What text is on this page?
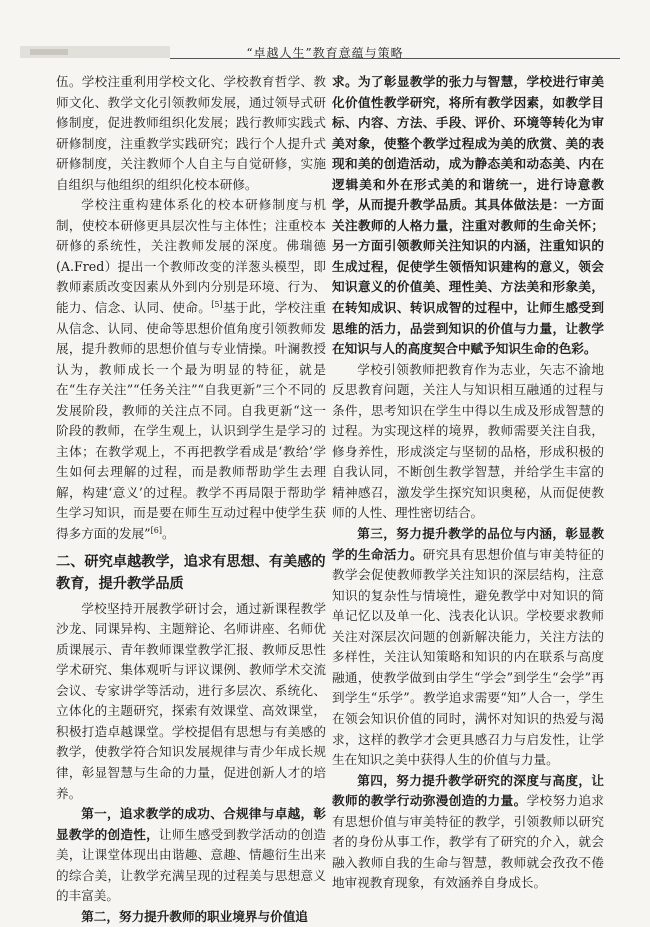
“卓越人生”教育意蕴与策略

伍。学校注重利用学校文化、学校教育哲学、教师文化、教学文化引领教师发展，通过领导式研修制度，促进教师组织化发展；践行教师实践式研修制度，注重教学实践研究；践行个人提升式研修制度，关注教师个人自主与自觉研修，实施自组织与他组织的组织化校本研修。

学校注重构建体系化的校本研修制度与机制，使校本研修更具层次性与主体性；注重校本研修的系统性，关注教师发展的深度。佛瑞德(A.Fred）提出一个教师改变的洋葱头模型，即教师素质改变因素从外到内分别是环境、行为、能力、信念、认同、使命。[5]基于此，学校注重从信念、认同、使命等思想价值角度引领教师发展，提升教师的思想价值与专业情操。叶澜教授认为，教师成长一个最为明显的特征，就是在“生存关注”“任务关注”“自我更新”三个不同的发展阶段，教师的关注点不同。自我更新“这一阶段的教师，在学生观上，认识到学生是学习的主体；在教学观上，不再把教学看成是‘教给’学生如何去理解的过程，而是教师帮助学生去理解，构建‘意义’的过程。教学不再局限于帮助学生学习知识，而是要在师生互动过程中使学生获得多方面的发展”[6]。

二、研究卓越教学，追求有思想、有美感的教育，提升教学品质

学校坚持开展教学研讨会，通过新课程教学沙龙、同课异构、主题辩论、名师讲座、名师优质课展示、青年教师课堂教学汇报、教师反思性学术研究、集体观听与评议课例、教师学术交流会议、专家讲学等活动，进行多层次、系统化、立体化的主题研究，探索有效课堂、高效课堂，积极打造卓越课堂。学校提倡有思想与有美感的教学，使教学符合知识发展规律与青少年成长规律，彰显智慧与生命的力量，促进创新人才的培养。

第一，追求教学的成功、合规律与卓越，彰显教学的创造性，让师生感受到教学活动的创造美，让课堂体现出由谐趣、意趣、情趣衍生出来的综合美，让教学充满呈现的过程美与思想意义的丰富美。

第二，努力提升教师的职业境界与价值追

求。为了彰显教学的张力与智慧，学校进行审美化价值性教学研究，将所有教学因素，如教学目标、内容、方法、手段、评价、环境等转化为审美对象，使整个教学过程成为美的欣赏、美的表现和美的创造活动，成为静态美和动态美、内在逻辑美和外在形式美的和谐统一，进行诗意教学，从而提升教学品质。其具体做法是：一方面关注教师的人格力量，注重对教师的生命关怀；另一方面引领教师关注知识的内涵，注重知识的生成过程，促使学生领悟知识建构的意义，领会知识意义的价值美、理性美、方法美和形象美，在转知成识、转识成智的过程中，让师生感受到思维的活力，品尝到知识的价值与力量，让教学在知识与人的高度契合中赋予知识生命的色彩。

学校引领教师把教育作为志业，矢志不渝地反思教育问题，关注人与知识相互融通的过程与条件，思考知识在学生中得以生成及形成智慧的过程。为实现这样的境界，教师需要关注自我，修身养性，形成淡定与坚韧的品格，形成积极的自我认同，不断创生教学智慧，并给学生丰富的精神感召，激发学生探究知识奥秘，从而促使教师的人性、理性密切结合。

第三，努力提升教学的品位与内涵，彰显教学的生命活力。研究具有思想价值与审美特征的教学会促使教师教学关注知识的深层结构，注意知识的复杂性与情境性，避免教学中对知识的简单记忆以及单一化、浅表化认识。学校要求教师关注对深层次问题的创新解决能力，关注方法的多样性，关注认知策略和知识的内在联系与高度融通，使教学做到由学生“学会”到学生“会学”再到学生“乐学”。教学追求需要“知”人合一，学生在领会知识价值的同时，满怀对知识的热爱与渴求，这样的教学才会更具感召力与启发性，让学生在知识之美中获得人生的价值与力量。

第四，努力提升教学研究的深度与高度，让教师的教学行动弥漫创造的力量。学校努力追求有思想价值与审美特征的教学，引领教师以研究者的身份从事工作，教学有了研究的介入，就会融入教师自我的生命与智慧，教师就会孜孜不倦地审视教育现象，有效涵养自身成长。
